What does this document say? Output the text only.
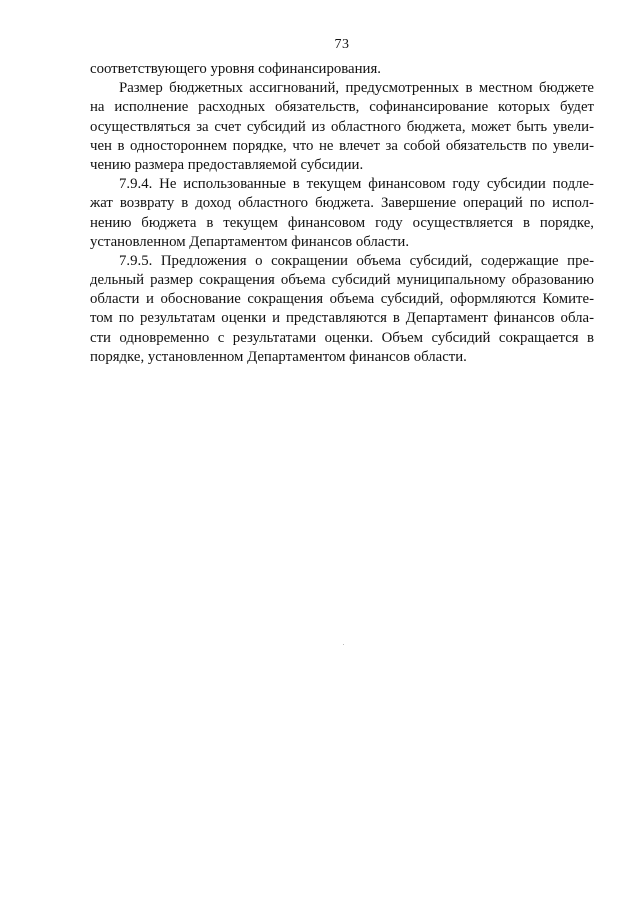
73
соответствующего уровня софинансирования.
Размер бюджетных ассигнований, предусмотренных в местном бюджете
на исполнение расходных обязательств, софинансирование которых будет
осуществляться за счет субсидий из областного бюджета, может быть увели-
чен в одностороннем порядке, что не влечет за собой обязательств по увели-
чению размера предоставляемой субсидии.
7.9.4. Не использованные в текущем финансовом году субсидии подле-
жат возврату в доход областного бюджета. Завершение операций по испол-
нению бюджета в текущем финансовом году осуществляется в порядке,
установленном Департаментом финансов области.
7.9.5. Предложения о сокращении объема субсидий, содержащие пре-
дельный размер сокращения объема субсидий муниципальному образованию
области и обоснование сокращения объема субсидий, оформляются Комите-
том по результатам оценки и представляются в Департамент финансов обла-
сти одновременно с результатами оценки. Объем субсидий сокращается в
порядке, установленном Департаментом финансов области.
